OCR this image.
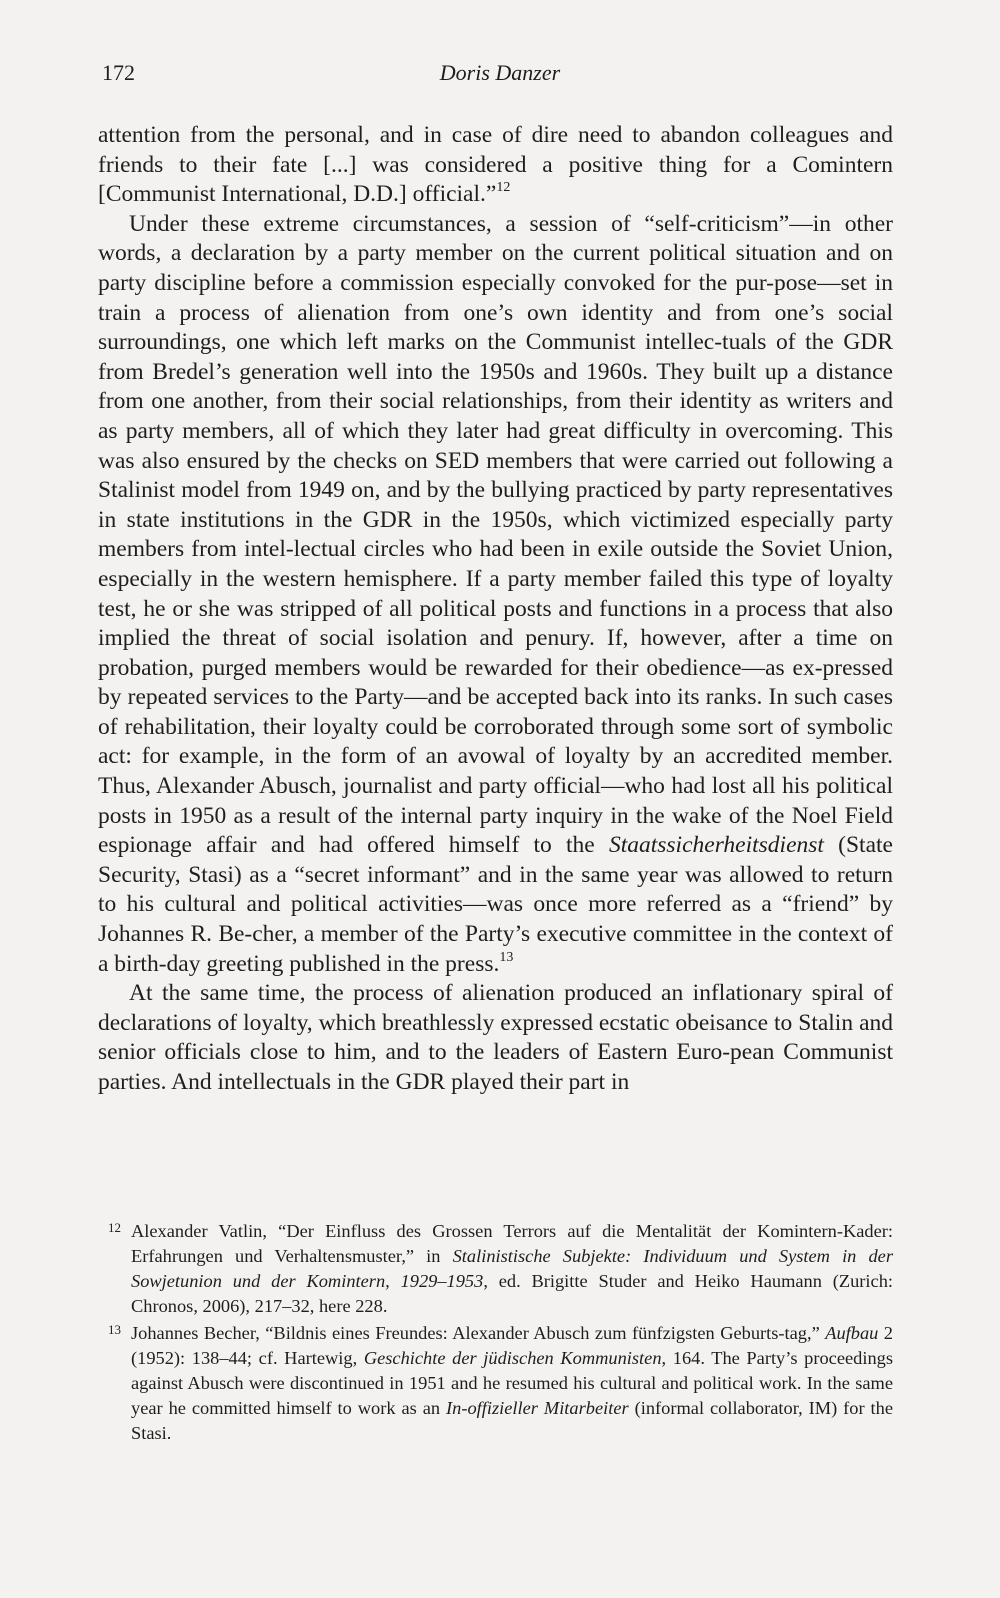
172	Doris Danzer

attention from the personal, and in case of dire need to abandon colleagues and friends to their fate [...] was considered a positive thing for a Comintern [Communist International, D.D.] official.”$^{12}$

Under these extreme circumstances, a session of “self-criticism”—in other words, a declaration by a party member on the current political situation and on party discipline before a commission especially convoked for the pur-pose—set in train a process of alienation from one’s own identity and from one’s social surroundings, one which left marks on the Communist intellec-tuals of the GDR from Bredel’s generation well into the 1950s and 1960s. They built up a distance from one another, from their social relationships, from their identity as writers and as party members, all of which they later had great difficulty in overcoming. This was also ensured by the checks on SED members that were carried out following a Stalinist model from 1949 on, and by the bullying practiced by party representatives in state institutions in the GDR in the 1950s, which victimized especially party members from intel-lectual circles who had been in exile outside the Soviet Union, especially in the western hemisphere. If a party member failed this type of loyalty test, he or she was stripped of all political posts and functions in a process that also implied the threat of social isolation and penury. If, however, after a time on probation, purged members would be rewarded for their obedience—as ex-pressed by repeated services to the Party—and be accepted back into its ranks. In such cases of rehabilitation, their loyalty could be corroborated through some sort of symbolic act: for example, in the form of an avowal of loyalty by an accredited member. Thus, Alexander Abusch, journalist and party official—who had lost all his political posts in 1950 as a result of the internal party inquiry in the wake of the Noel Field espionage affair and had offered himself to the Staatssicherheitsdienst (State Security, Stasi) as a “secret informant” and in the same year was allowed to return to his cultural and political activities—was once more referred as a “friend” by Johannes R. Be-cher, a member of the Party’s executive committee in the context of a birth-day greeting published in the press.$^{13}$

At the same time, the process of alienation produced an inflationary spiral of declarations of loyalty, which breathlessly expressed ecstatic obeisance to Stalin and senior officials close to him, and to the leaders of Eastern Euro-pean Communist parties. And intellectuals in the GDR played their part in

12 Alexander Vatlin, “Der Einfluss des Grossen Terrors auf die Mentalität der Komintern-Kader: Erfahrungen und Verhaltensmuster,” in Stalinistische Subjekte: Individuum und System in der Sowjetunion und der Komintern, 1929–1953, ed. Brigitte Studer and Heiko Haumann (Zurich: Chronos, 2006), 217–32, here 228.
13 Johannes Becher, “Bildnis eines Freundes: Alexander Abusch zum fünfzigsten Geburts-tag,” Aufbau 2 (1952): 138–44; cf. Hartewig, Geschichte der jüdischen Kommunisten, 164. The Party’s proceedings against Abusch were discontinued in 1951 and he resumed his cultural and political work. In the same year he committed himself to work as an In-offizieller Mitarbeiter (informal collaborator, IM) for the Stasi.
